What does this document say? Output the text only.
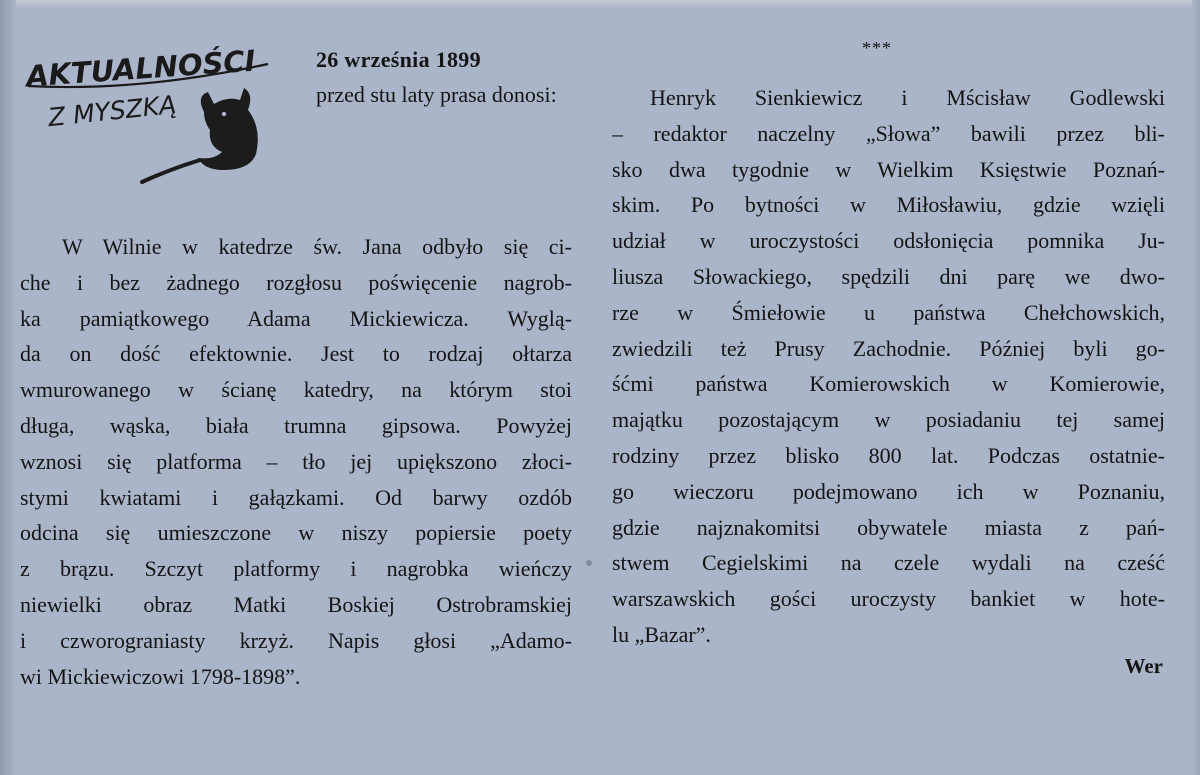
AKTUALNOŚCI
Z MYSZKĄ
26 września 1899
przed stu laty prasa donosi:
W Wilnie w katedrze św. Jana odbyło się ci-
che i bez żadnego rozgłosu poświęcenie nagrob-
ka pamiątkowego Adama Mickiewicza. Wyglą-
da on dość efektownie. Jest to rodzaj ołtarza
wmurowanego w ścianę katedry, na którym stoi
długa, wąska, biała trumna gipsowa. Powyżej
wznosi się platforma – tło jej upiększono złoci-
stymi kwiatami i gałązkami. Od barwy ozdób
odcina się umieszczone w niszy popiersie poety
z brązu. Szczyt platformy i nagrobka wieńczy
niewielki obraz Matki Boskiej Ostrobramskiej
i czworograniasty krzyż. Napis głosi „Adamo-
wi Mickiewiczowi 1798-1898”.
***
Henryk Sienkiewicz i Mścisław Godlewski
– redaktor naczelny „Słowa” bawili przez bli-
sko dwa tygodnie w Wielkim Księstwie Poznań-
skim. Po bytności w Miłosławiu, gdzie wzięli
udział w uroczystości odsłonięcia pomnika Ju-
liusza Słowackiego, spędzili dni parę we dwo-
rze w Śmiełowie u państwa Chełchowskich,
zwiedzili też Prusy Zachodnie. Później byli go-
śćmi państwa Komierowskich w Komierowie,
majątku pozostającym w posiadaniu tej samej
rodziny przez blisko 800 lat. Podczas ostatnie-
go wieczoru podejmowano ich w Poznaniu,
gdzie najznakomitsi obywatele miasta z pań-
stwem Cegielskimi na czele wydali na cześć
warszawskich gości uroczysty bankiet w hote-
lu „Bazar”.
Wer
